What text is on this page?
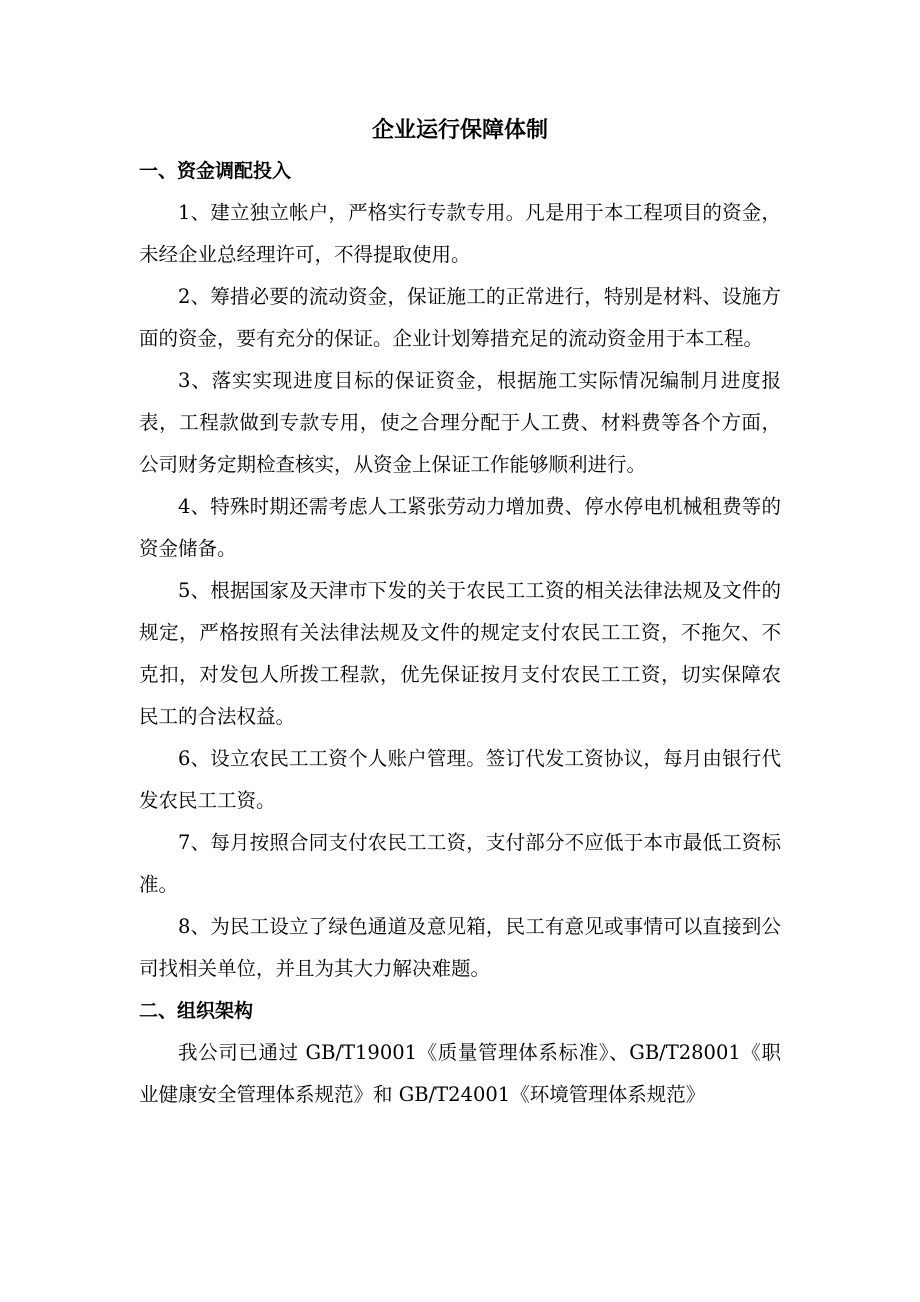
企业运行保障体制
一、资金调配投入

1、建立独立帐户，严格实行专款专用。凡是用于本工程项目的资金，未经企业总经理许可，不得提取使用。

2、筹措必要的流动资金，保证施工的正常进行，特别是材料、设施方面的资金，要有充分的保证。企业计划筹措充足的流动资金用于本工程。

3、落实实现进度目标的保证资金，根据施工实际情况编制月进度报表，工程款做到专款专用，使之合理分配于人工费、材料费等各个方面，公司财务定期检查核实，从资金上保证工作能够顺利进行。

4、特殊时期还需考虑人工紧张劳动力增加费、停水停电机械租费等的资金储备。

5、根据国家及天津市下发的关于农民工工资的相关法律法规及文件的规定，严格按照有关法律法规及文件的规定支付农民工工资，不拖欠、不克扣，对发包人所拨工程款，优先保证按月支付农民工工资，切实保障农民工的合法权益。

6、设立农民工工资个人账户管理。签订代发工资协议，每月由银行代发农民工工资。

7、每月按照合同支付农民工工资，支付部分不应低于本市最低工资标准。

8、为民工设立了绿色通道及意见箱，民工有意见或事情可以直接到公司找相关单位，并且为其大力解决难题。

二、组织架构

我公司已通过 GB/T19001《质量管理体系标准》、GB/T28001《职业健康安全管理体系规范》和 GB/T24001《环境管理体系规范》
